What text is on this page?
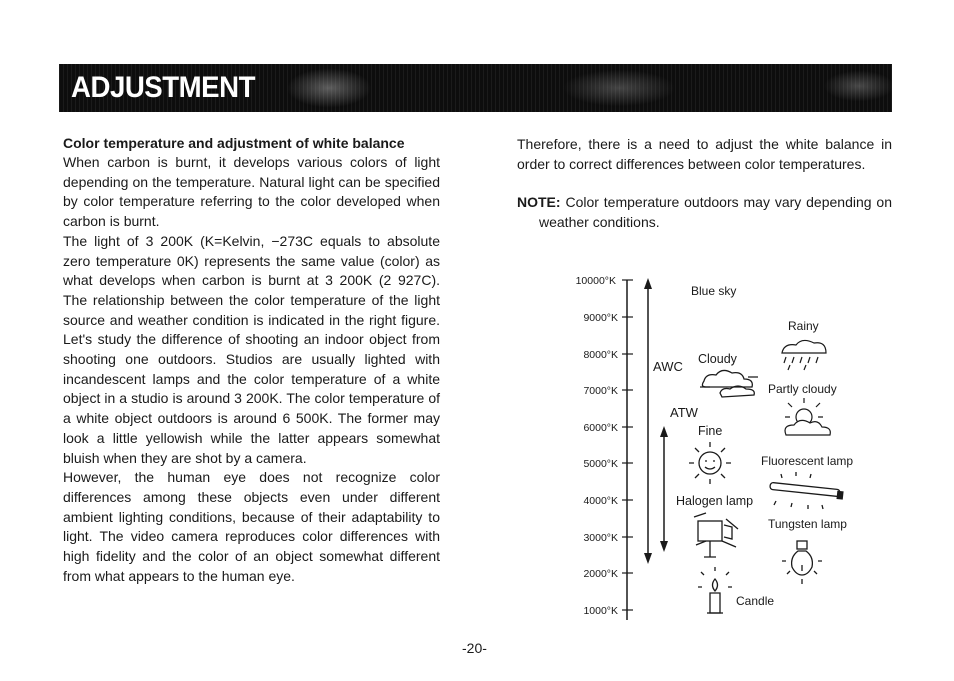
ADJUSTMENT

Color temperature and adjustment of white balance

When carbon is burnt, it develops various colors of light depending on the temperature. Natural light can be specified by color temperature referring to the color developed when carbon is burnt.

The light of 3 200K (K=Kelvin, −273C equals to absolute zero temperature 0K) represents the same value (color) as what develops when carbon is burnt at 3 200K (2 927C). The relationship between the color temperature of the light source and weather condition is indicated in the right figure. Let's study the difference of shooting an indoor object from shooting one outdoors. Studios are usually lighted with incandescent lamps and the color temperature of a white object in a studio is around 3 200K. The color temperature of a white object outdoors is around 6 500K. The former may look a little yellowish while the latter appears somewhat bluish when they are shot by a camera.

However, the human eye does not recognize color differences among these objects even under different ambient lighting conditions, because of their adaptability to light. The video camera reproduces color differences with high fidelity and the color of an object somewhat different from what appears to the human eye.

Therefore, there is a need to adjust the white balance in order to correct differences between color temperatures.

NOTE: Color temperature outdoors may vary depending on weather conditions.

10000°K
9000°K
8000°K
7000°K
6000°K
5000°K
4000°K
3000°K
2000°K
1000°K
AWC
ATW
Blue sky
Rainy
Cloudy
Partly cloudy
Fine
Fluorescent lamp
Halogen lamp
Tungsten lamp
Candle
-20-
